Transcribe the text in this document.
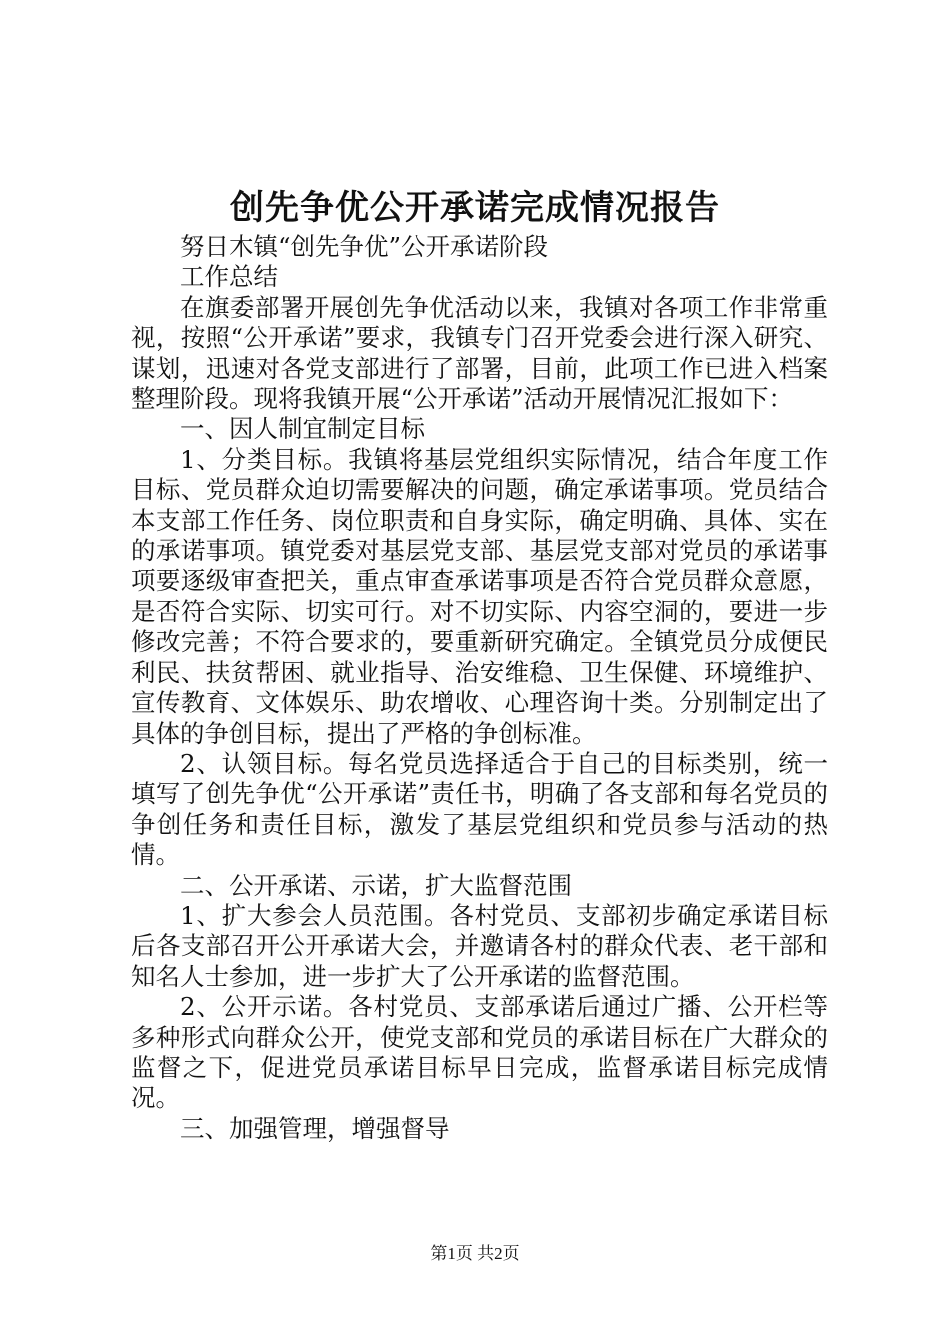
创先争优公开承诺完成情况报告

努日木镇“创先争优”公开承诺阶段

工作总结

在旗委部署开展创先争优活动以来，我镇对各项工作非常重视，按照“公开承诺”要求，我镇专门召开党委会进行深入研究、谋划，迅速对各党支部进行了部署，目前，此项工作已进入档案整理阶段。现将我镇开展“公开承诺”活动开展情况汇报如下：

一、因人制宜制定目标

1、分类目标。我镇将基层党组织实际情况，结合年度工作目标、党员群众迫切需要解决的问题，确定承诺事项。党员结合本支部工作任务、岗位职责和自身实际，确定明确、具体、实在的承诺事项。镇党委对基层党支部、基层党支部对党员的承诺事项要逐级审查把关，重点审查承诺事项是否符合党员群众意愿，是否符合实际、切实可行。对不切实际、内容空洞的，要进一步修改完善；不符合要求的，要重新研究确定。全镇党员分成便民利民、扶贫帮困、就业指导、治安维稳、卫生保健、环境维护、宣传教育、文体娱乐、助农增收、心理咨询十类。分别制定出了具体的争创目标，提出了严格的争创标准。

2、认领目标。每名党员选择适合于自己的目标类别，统一填写了创先争优“公开承诺”责任书，明确了各支部和每名党员的争创任务和责任目标，激发了基层党组织和党员参与活动的热情。

二、公开承诺、示诺，扩大监督范围

1、扩大参会人员范围。各村党员、支部初步确定承诺目标后各支部召开公开承诺大会，并邀请各村的群众代表、老干部和知名人士参加，进一步扩大了公开承诺的监督范围。

2、公开示诺。各村党员、支部承诺后通过广播、公开栏等多种形式向群众公开，使党支部和党员的承诺目标在广大群众的监督之下，促进党员承诺目标早日完成，监督承诺目标完成情况。

三、加强管理，增强督导

第1页 共2页
